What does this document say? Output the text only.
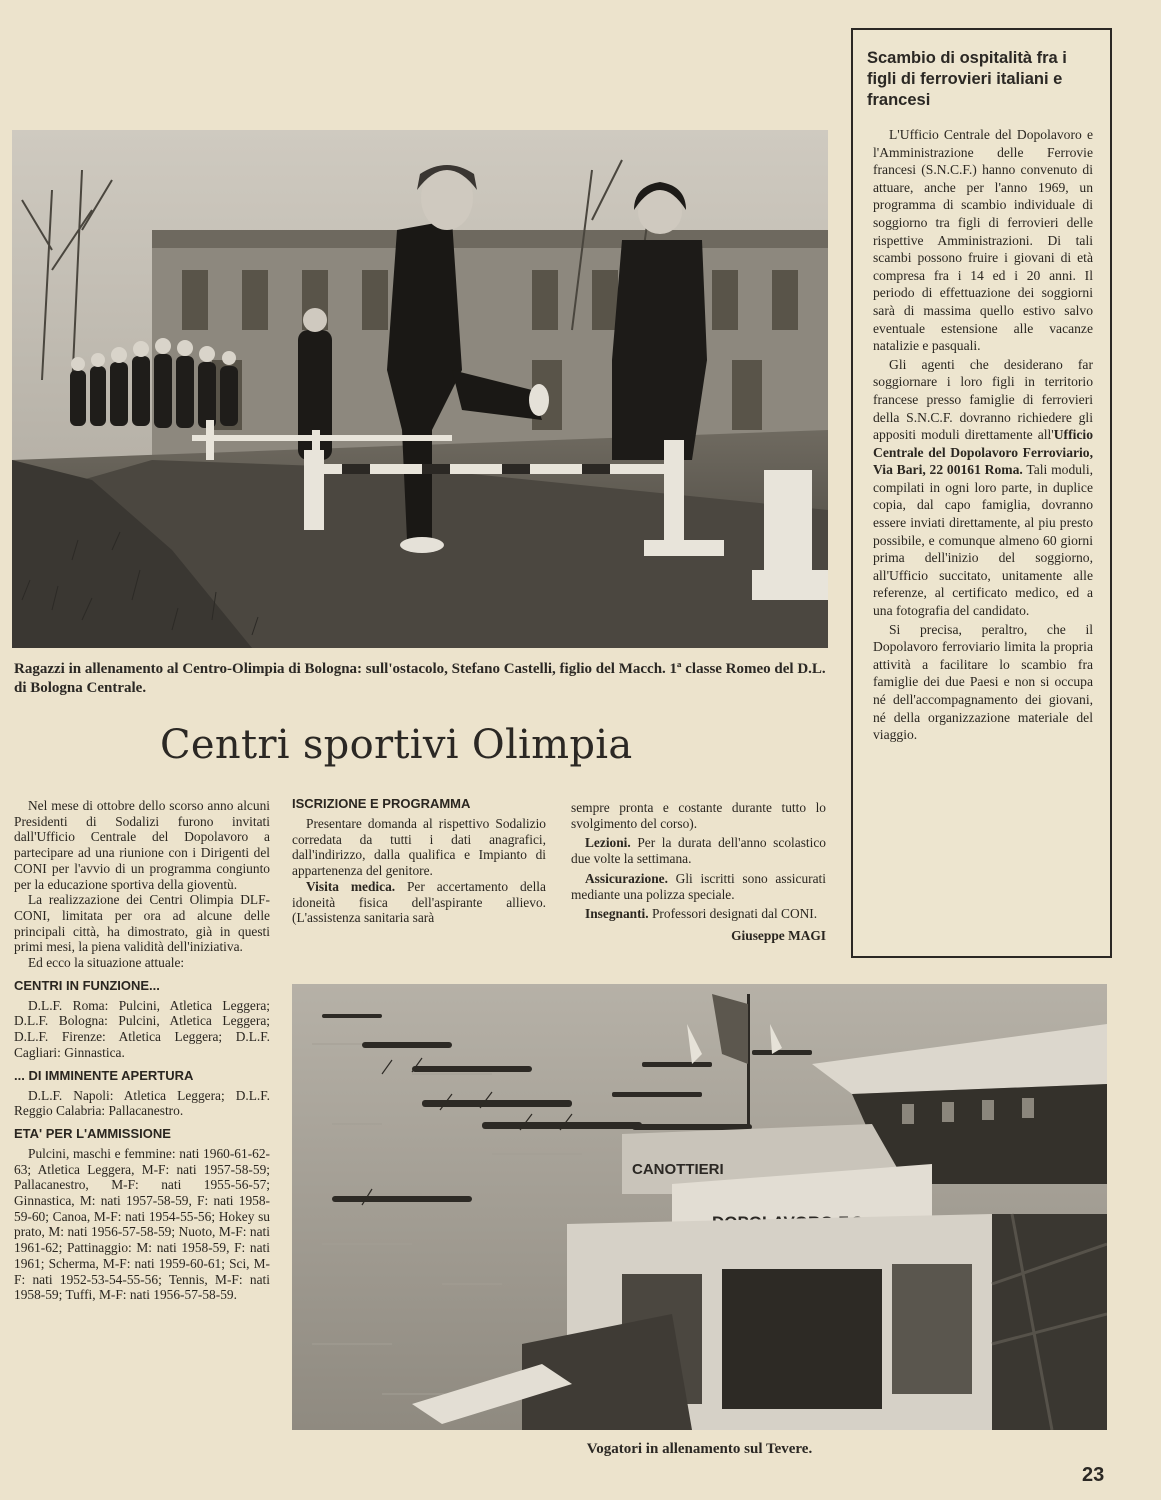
Ragazzi in allenamento al Centro-Olimpia di Bologna: sull'ostacolo, Stefano Castelli, figlio del Macch. 1ª classe Romeo del D.L. di Bologna Centrale.
Scambio di ospitalità fra i figli di ferrovieri italiani e francesi

L'Ufficio Centrale del Dopolavoro e l'Amministrazione delle Ferrovie francesi (S.N.C.F.) hanno convenuto di attuare, anche per l'anno 1969, un programma di scambio individuale di soggiorno tra figli di ferrovieri delle rispettive Amministrazioni. Di tali scambi possono fruire i giovani di età compresa fra i 14 ed i 20 anni. Il periodo di effettuazione dei soggiorni sarà di massima quello estivo salvo eventuale estensione alle vacanze natalizie e pasquali.

Gli agenti che desiderano far soggiornare i loro figli in territorio francese presso famiglie di ferrovieri della S.N.C.F. dovranno richiedere gli appositi moduli direttamente all'Ufficio Centrale del Dopolavoro Ferroviario, Via Bari, 22 00161 Roma. Tali moduli, compilati in ogni loro parte, in duplice copia, dal capo famiglia, dovranno essere inviati direttamente, al piu presto possibile, e comunque almeno 60 giorni prima dell'inizio del soggiorno, all'Ufficio succitato, unitamente alle referenze, al certificato medico, ed a una fotografia del candidato.

Si precisa, peraltro, che il Dopolavoro ferroviario limita la propria attività a facilitare lo scambio fra famiglie dei due Paesi e non si occupa né dell'accompagnamento dei giovani, né della organizzazione materiale del viaggio.

Centri sportivi Olimpia

Nel mese di ottobre dello scorso anno alcuni Presidenti di Sodalizi furono invitati dall'Ufficio Centrale del Dopolavoro a partecipare ad una riunione con i Dirigenti del CONI per l'avvio di un programma congiunto per la educazione sportiva della gioventù.

La realizzazione dei Centri Olimpia DLF-CONI, limitata per ora ad alcune delle principali città, ha dimostrato, già in questi primi mesi, la piena validità dell'iniziativa.

Ed ecco la situazione attuale:

CENTRI IN FUNZIONE...

D.L.F. Roma: Pulcini, Atletica Leggera; D.L.F. Bologna: Pulcini, Atletica Leggera; D.L.F. Firenze: Atletica Leggera; D.L.F. Cagliari: Ginnastica.

... DI IMMINENTE APERTURA

D.L.F. Napoli: Atletica Leggera; D.L.F. Reggio Calabria: Pallacanestro.

ETA' PER L'AMMISSIONE

Pulcini, maschi e femmine: nati 1960-61-62-63; Atletica Leggera, M-F: nati 1957-58-59; Pallacanestro, M-F: nati 1955-56-57; Ginnastica, M: nati 1957-58-59, F: nati 1958-59-60; Canoa, M-F: nati 1954-55-56; Hokey su prato, M: nati 1956-57-58-59; Nuoto, M-F: nati 1961-62; Pattinaggio: M: nati 1958-59, F: nati 1961; Scherma, M-F: nati 1959-60-61; Sci, M-F: nati 1952-53-54-55-56; Tennis, M-F: nati 1958-59; Tuffi, M-F: nati 1956-57-58-59.

ISCRIZIONE E PROGRAMMA

Presentare domanda al rispettivo Sodalizio corredata da tutti i dati anagrafici, dall'indirizzo, dalla qualifica e Impianto di appartenenza del genitore.

Visita medica. Per accertamento della idoneità fisica dell'aspirante allievo. (L'assistenza sanitaria sarà

sempre pronta e costante durante tutto lo svolgimento del corso).

Lezioni. Per la durata dell'anno scolastico due volte la settimana.

Assicurazione. Gli iscritti sono assicurati mediante una polizza speciale.

Insegnanti. Professori designati dal CONI.

Giuseppe MAGI
CANOTTIERI
Vogatori in allenamento sul Tevere.
23
